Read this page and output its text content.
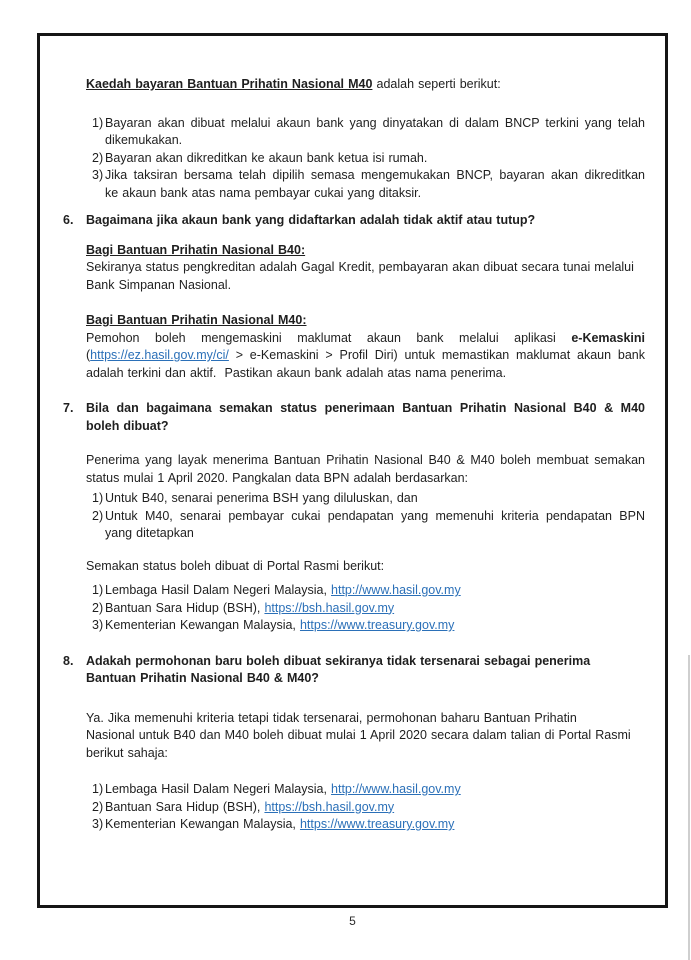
Kaedah bayaran Bantuan Prihatin Nasional M40 adalah seperti berikut:
1) Bayaran akan dibuat melalui akaun bank yang dinyatakan di dalam BNCP terkini yang telah
dikemukakan.
2) Bayaran akan dikreditkan ke akaun bank ketua isi rumah.
3) Jika taksiran bersama telah dipilih semasa mengemukakan BNCP, bayaran akan dikreditkan
ke akaun bank atas nama pembayar cukai yang ditaksir.
6.	Bagaimana jika akaun bank yang didaftarkan adalah tidak aktif atau tutup?
Bagi Bantuan Prihatin Nasional B40:
Sekiranya status pengkreditan adalah Gagal Kredit, pembayaran akan dibuat secara tunai melalui
Bank Simpanan Nasional.
Bagi Bantuan Prihatin Nasional M40:
Pemohon boleh mengemaskini maklumat akaun bank melalui aplikasi e-Kemaskini
(https://ez.hasil.gov.my/ci/ > e-Kemaskini > Profil Diri) untuk memastikan maklumat akaun bank
adalah terkini dan aktif.  Pastikan akaun bank adalah atas nama penerima.
7.	Bila dan bagaimana semakan status penerimaan Bantuan Prihatin Nasional B40 & M40
boleh dibuat?
Penerima yang layak menerima Bantuan Prihatin Nasional B40 & M40 boleh membuat semakan
status mulai 1 April 2020. Pangkalan data BPN adalah berdasarkan:
1) Untuk B40, senarai penerima BSH yang diluluskan, dan
2) Untuk M40, senarai pembayar cukai pendapatan yang memenuhi kriteria pendapatan BPN
yang ditetapkan
Semakan status boleh dibuat di Portal Rasmi berikut:
1) Lembaga Hasil Dalam Negeri Malaysia, http://www.hasil.gov.my
2) Bantuan Sara Hidup (BSH), https://bsh.hasil.gov.my
3) Kementerian Kewangan Malaysia, https://www.treasury.gov.my
8.	Adakah permohonan baru boleh dibuat sekiranya tidak tersenarai sebagai penerima
Bantuan Prihatin Nasional B40 & M40?
Ya. Jika memenuhi kriteria tetapi tidak tersenarai, permohonan baharu Bantuan Prihatin
Nasional untuk B40 dan M40 boleh dibuat mulai 1 April 2020 secara dalam talian di Portal Rasmi
berikut sahaja:
1) Lembaga Hasil Dalam Negeri Malaysia, http://www.hasil.gov.my
2) Bantuan Sara Hidup (BSH), https://bsh.hasil.gov.my
3) Kementerian Kewangan Malaysia, https://www.treasury.gov.my
5
